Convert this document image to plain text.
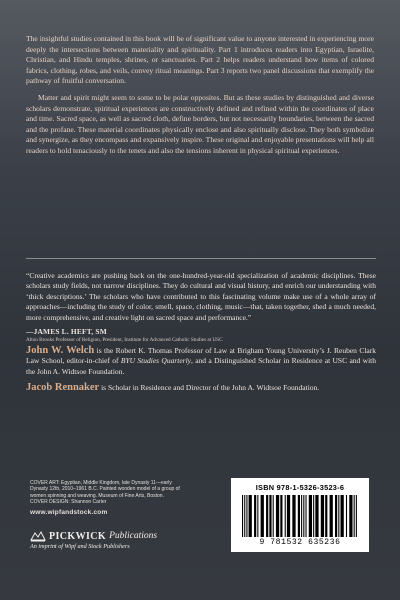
The insightful studies contained in this book will be of significant value to anyone interested in experiencing more deeply the intersections between materiality and spirituality. Part 1 introduces readers into Egyptian, Israelite, Christian, and Hindu temples, shrines, or sanctuaries. Part 2 helps readers understand how items of colored fabrics, clothing, robes, and veils, convey ritual meanings. Part 3 reports two panel discussions that exemplify the pathway of fruitful conversation.

Matter and spirit might seem to some to be polar opposites. But as these studies by distinguished and diverse scholars demonstrate, spiritual experiences are constructively defined and refined within the coordinates of place and time. Sacred space, as well as sacred cloth, define borders, but not necessarily boundaries, between the sacred and the profane. These material coordinates physically enclose and also spiritually disclose. They both symbolize and synergize, as they encompass and expansively inspire. These original and enjoyable presentations will help all readers to hold tenaciously to the tenets and also the tensions inherent in physical spiritual experiences.

“Creative academics are pushing back on the one-hundred-year-old specialization of academic disciplines. These scholars study fields, not narrow disciplines. They do cultural and visual history, and enrich our understanding with ‘thick descriptions.’ The scholars who have contributed to this fascinating volume make use of a whole array of approaches—including the study of color, smell, space, clothing, music—that, taken together, shed a much needed, more comprehensive, and creative light on sacred space and performance.”

—JAMES L. HEFT, SM

Alton Brooks Professor of Religion, President, Institute for Advanced Catholic Studies at USC

John W. Welch is the Robert K. Thomas Professor of Law at Brigham Young University’s J. Reuben Clark Law School, editor-in-chief of BYU Studies Quarterly, and a Distinguished Scholar in Residence at USC and with the John A. Widtsoe Foundation.

Jacob Rennaker is Scholar in Residence and Director of the John A. Widtsoe Foundation.

COVER ART: Egyptian, Middle Kingdom, late Dynasty 11—early
Dynasty 12th, 2010–1961 B.C. Painted wooden model of a group of
women spinning and weaving. Museum of Fine Arts, Boston.
COVER DESIGN: Shannon Carter
www.wipfandstock.com
PICKWICK Publications
An imprint of Wipf and Stock Publishers
ISBN 978-1-5326-3523-6
9 781532 635236
